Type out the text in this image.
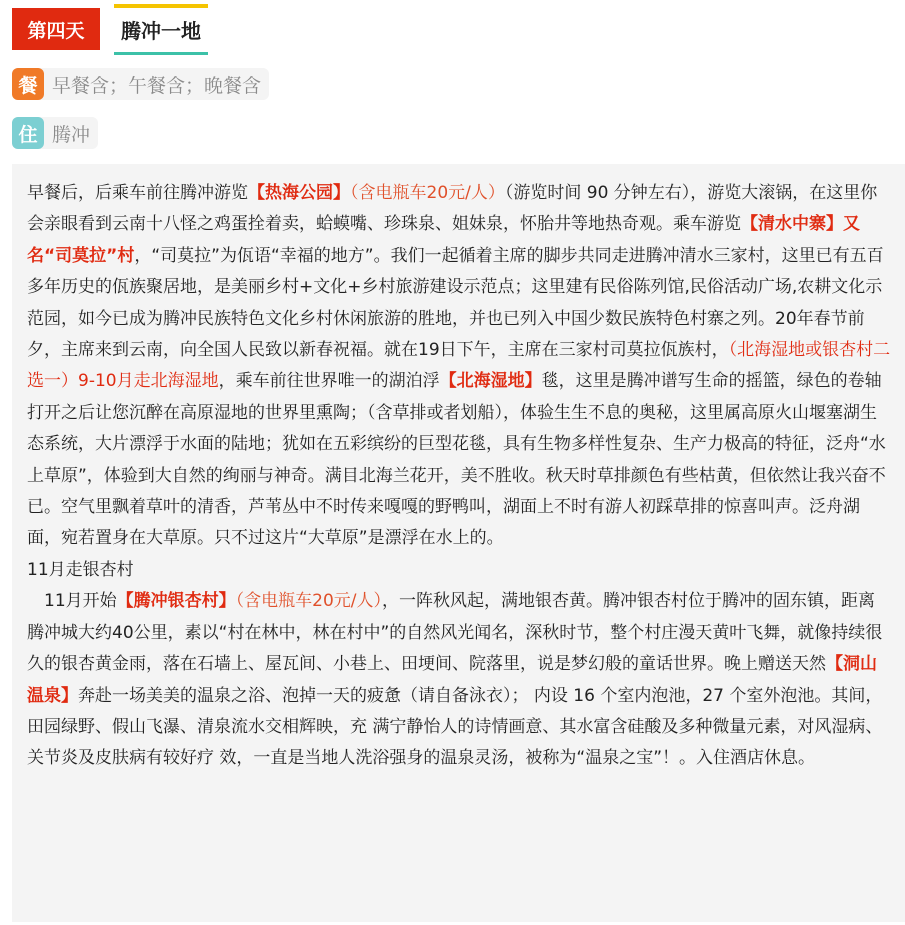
第四天	腾冲一地
餐 早餐含；午餐含；晚餐含
住 腾冲

早餐后，后乘车前往腾冲游览【热海公园】（含电瓶车20元/人）（游览时间 90 分钟左右），游览大滚锅，在这里你会亲眼看到云南十八怪之鸡蛋拴着卖，蛤蟆嘴、珍珠泉、姐妹泉，怀胎井等地热奇观。乘车游览【清水中寨】又名“司莫拉”村，“司莫拉”为佤语“幸福的地方”。我们一起循着主席的脚步共同走进腾冲清水三家村，这里已有五百多年历史的佤族聚居地，是美丽乡村+文化+乡村旅游建设示范点；这里建有民俗陈列馆,民俗活动广场,农耕文化示范园，如今已成为腾冲民族特色文化乡村休闲旅游的胜地，并也已列入中国少数民族特色村寨之列。20年春节前夕，主席来到云南，向全国人民致以新春祝福。就在19日下午，主席在三家村司莫拉佤族村，（北海湿地或银杏村二选一）9-10月走北海湿地，乘车前往世界唯一的湖泊浮【北海湿地】毯，这里是腾冲谱写生命的摇篮，绿色的卷轴打开之后让您沉醉在高原湿地的世界里熏陶；（含草排或者划船），体验生生不息的奥秘，这里属高原火山堰塞湖生态系统，大片漂浮于水面的陆地；犹如在五彩缤纷的巨型花毯，具有生物多样性复杂、生产力极高的特征，泛舟“水上草原”，体验到大自然的绚丽与神奇。满目北海兰花开，美不胜收。秋天时草排颜色有些枯黄，但依然让我兴奋不已。空气里飘着草叶的清香，芦苇丛中不时传来嘎嘎的野鸭叫，湖面上不时有游人初踩草排的惊喜叫声。泛舟湖面，宛若置身在大草原。只不过这片“大草原”是漂浮在水上的。

11月走银杏村

11月开始【腾冲银杏村】（含电瓶车20元/人），一阵秋风起，满地银杏黄。腾冲银杏村位于腾冲的固东镇，距离腾冲城大约40公里，素以“村在林中，林在村中”的自然风光闻名，深秋时节，整个村庄漫天黄叶飞舞，就像持续很久的银杏黄金雨，落在石墙上、屋瓦间、小巷上、田埂间、院落里，说是梦幻般的童话世界。晚上赠送天然【洞山温泉】奔赴一场美美的温泉之浴、泡掉一天的疲惫（请自备泳衣）； 内设 16 个室内泡池，27 个室外泡池。其间，田园绿野、假山飞瀑、清泉流水交相辉映，充 满宁静怡人的诗情画意、其水富含硅酸及多种微量元素，对风湿病、关节炎及皮肤病有较好疗 效，一直是当地人洗浴强身的温泉灵汤，被称为“温泉之宝”！。入住酒店休息。
